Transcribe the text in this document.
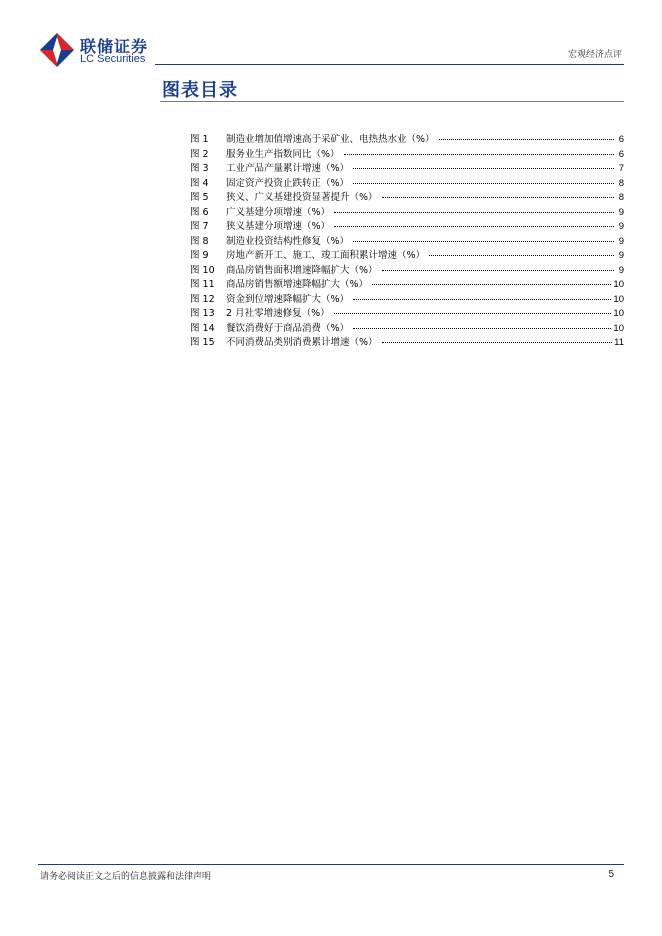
联储证券
LC Securities	宏观经济点评
图表目录
图 1	制造业增加值增速高于采矿业、电热热水业（%）	6
图 2	服务业生产指数同比（%）	6
图 3	工业产品产量累计增速（%）	7
图 4	固定资产投资止跌转正（%）	8
图 5	狭义、广义基建投资显著提升（%）	8
图 6	广义基建分项增速（%）	9
图 7	狭义基建分项增速（%）	9
图 8	制造业投资结构性修复（%）	9
图 9	房地产新开工、施工、竣工面积累计增速（%）	9
图 10	商品房销售面积增速降幅扩大（%）	9
图 11	商品房销售额增速降幅扩大（%）	10
图 12	资金到位增速降幅扩大（%）	10
图 13	2 月社零增速修复（%）	10
图 14	餐饮消费好于商品消费（%）	10
图 15	不同消费品类别消费累计增速（%）	11
请务必阅读正文之后的信息披露和法律声明	5
